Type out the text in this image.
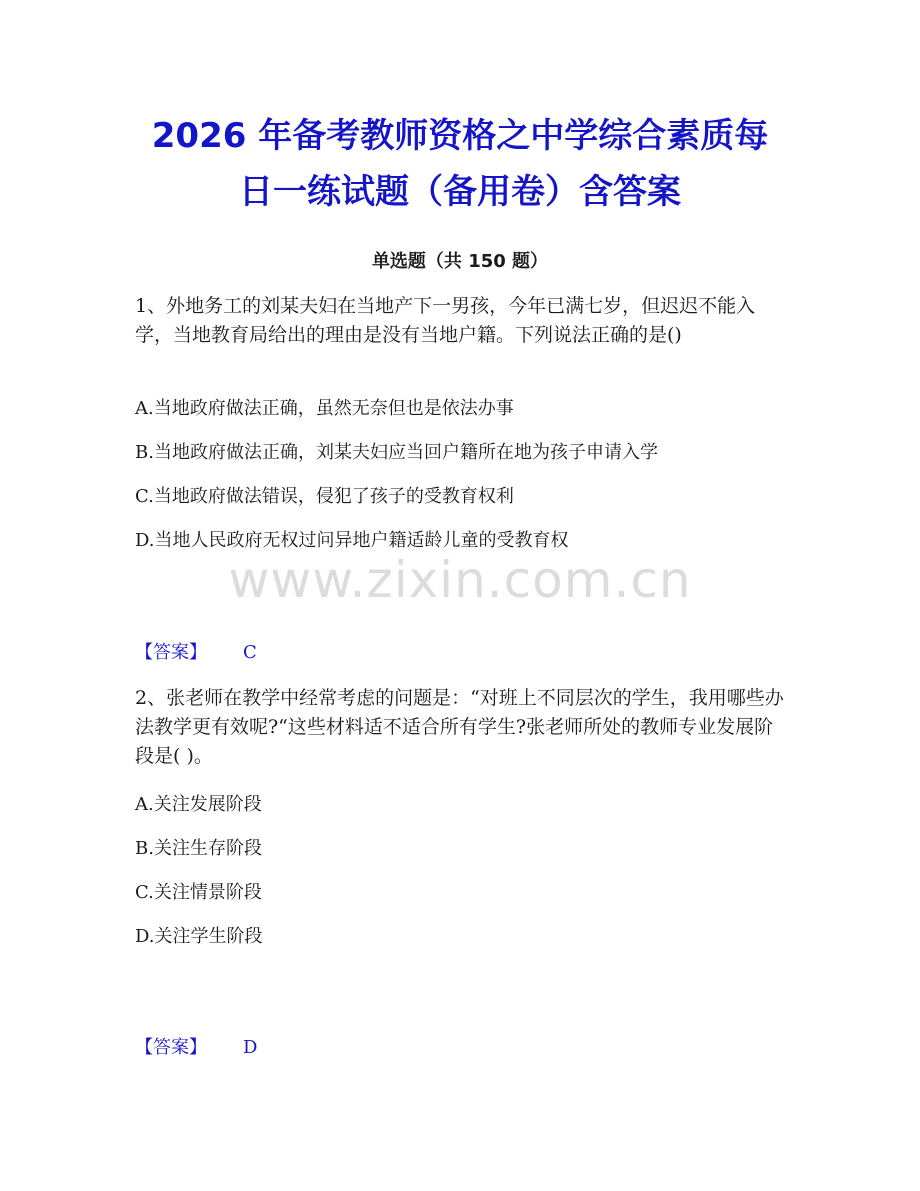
2026 年备考教师资格之中学综合素质每
日一练试题（备用卷）含答案
单选题（共 150 题）

1、外地务工的刘某夫妇在当地产下一男孩，今年已满七岁，但迟迟不能入学，当地教育局给出的理由是没有当地户籍。下列说法正确的是()

A.当地政府做法正确，虽然无奈但也是依法办事
B.当地政府做法正确，刘某夫妇应当回户籍所在地为孩子申请入学
C.当地政府做法错误，侵犯了孩子的受教育权利
D.当地人民政府无权过问异地户籍适龄儿童的受教育权
www.zixin.com.cn
【答案】 C

2、张老师在教学中经常考虑的问题是：“对班上不同层次的学生，我用哪些办法教学更有效呢?“这些材料适不适合所有学生?张老师所处的教师专业发展阶段是( )。

A.关注发展阶段
B.关注生存阶段
C.关注情景阶段
D.关注学生阶段
【答案】 D
